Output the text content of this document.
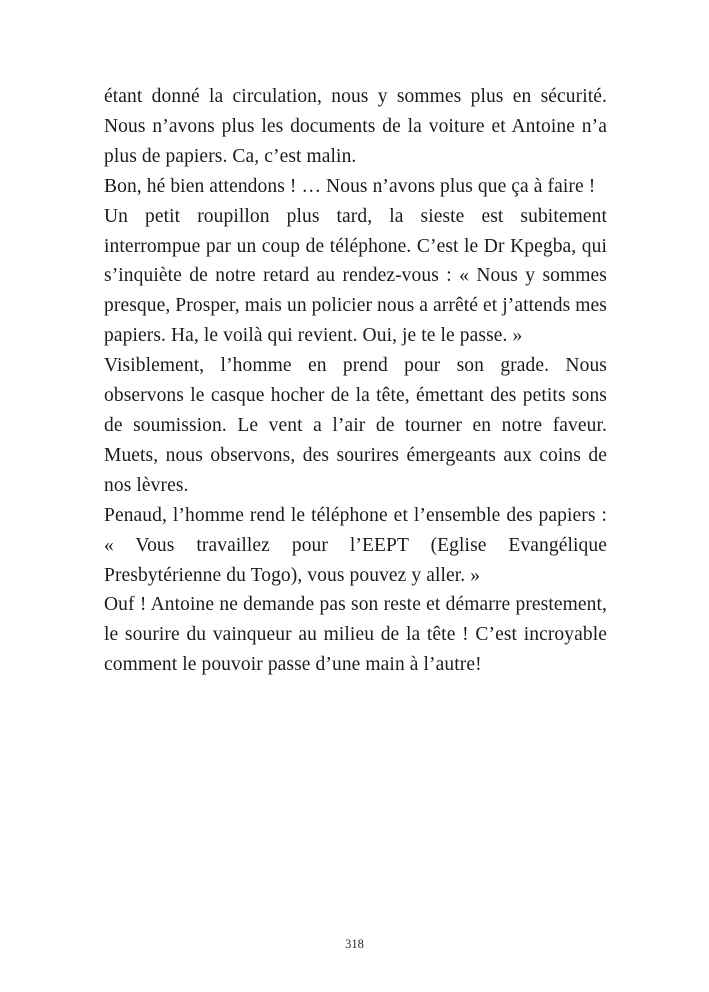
étant donné la circulation, nous y sommes plus en sécurité. Nous n’avons plus les documents de la voiture et Antoine n’a plus de papiers. Ca, c’est malin.

Bon, hé bien attendons ! … Nous n’avons plus que ça à faire !

Un petit roupillon plus tard, la sieste est subitement interrompue par un coup de téléphone. C’est le Dr Kpegba, qui s’inquiète de notre retard au rendez-vous : « Nous y sommes presque, Prosper, mais un policier nous a arrêté et j’attends mes papiers. Ha, le voilà qui revient. Oui, je te le passe. »

Visiblement, l’homme en prend pour son grade. Nous observons le casque hocher de la tête, émettant des petits sons de soumission. Le vent a l’air de tourner en notre faveur. Muets, nous observons, des sourires émergeants aux coins de nos lèvres.

Penaud, l’homme rend le téléphone et l’ensemble des papiers : « Vous travaillez pour l’EEPT (Eglise Evangélique Presbytérienne du Togo), vous pouvez y aller. »

Ouf ! Antoine ne demande pas son reste et démarre prestement, le sourire du vainqueur au milieu de la tête ! C’est incroyable comment le pouvoir passe d’une main à l’autre!

318
